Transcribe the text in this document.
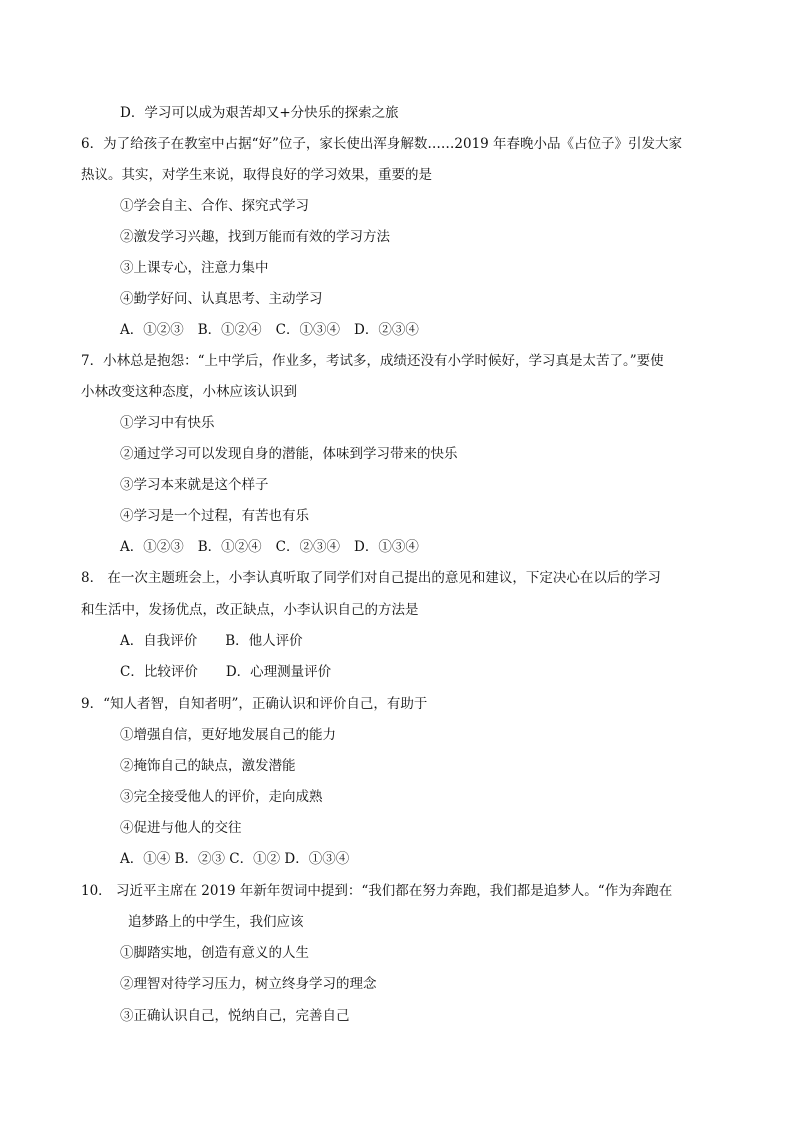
D．学习可以成为艰苦却又+分快乐的探索之旅
6．为了给孩子在教室中占据“好”位子，家长使出浑身解数……2019 年春晚小品《占位子》引发大家
热议。其实，对学生来说，取得良好的学习效果，重要的是
①学会自主、合作、探究式学习
②激发学习兴趣，找到万能而有效的学习方法
③上课专心，注意力集中
④勤学好问、认真思考、主动学习
A．①②③ B．①②④ C．①③④ D．②③④
7．小林总是抱怨：“上中学后，作业多，考试多，成绩还没有小学时候好，学习真是太苦了。”要使
小林改变这种态度，小林应该认识到
①学习中有快乐
②通过学习可以发现自身的潜能，体味到学习带来的快乐
③学习本来就是这个样子
④学习是一个过程，有苦也有乐
A．①②③ B．①②④ C．②③④ D．①③④
8． 在一次主题班会上，小李认真听取了同学们对自己提出的意见和建议，下定决心在以后的学习
和生活中，发扬优点，改正缺点，小李认识自己的方法是
A．自我评价 B．他人评价
C．比较评价 D．心理测量评价
9．“知人者智，自知者明”，正确认识和评价自己，有助于
①增强自信，更好地发展自己的能力
②掩饰自己的缺点，激发潜能
③完全接受他人的评价，走向成熟
④促进与他人的交往
A．①④ B．②③ C．①② D．①③④
10． 习近平主席在 2019 年新年贺词中提到：“我们都在努力奔跑，我们都是追梦人。“作为奔跑在
追梦路上的中学生，我们应该
①脚踏实地，创造有意义的人生
②理智对待学习压力，树立终身学习的理念
③正确认识自己，悦纳自己，完善自己
